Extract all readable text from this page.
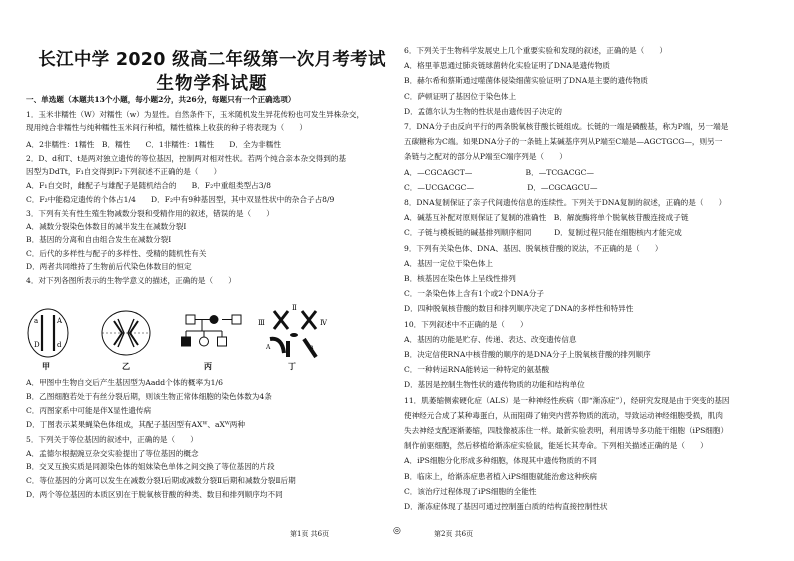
长江中学 2020 级高二年级第一次月考考试
生物学科试题
一、单选题（本题共13个小题，每小题2分，共26分，每题只有一个正确选项）
1．玉米非糯性（W）对糯性（w）为显性。自然条件下，玉米随机发生异花传粉也可发生异株杂交，
现用纯合非糯性与纯种糯性玉米间行种植，糯性植株上收获的种子将表现为（　　）
A．2非糯性：1糯性　B．糯性　　C．1非糯性：1糯性　　D．全为非糯性
2．D、d和T、t是两对独立遗传的等位基因，控制两对相对性状。若两个纯合亲本杂交得到的基
因型为DdTt，F₁自交得到F₂下列叙述不正确的是（　　）
A．F₁自交时，雌配子与雄配子是随机结合的　　B．F₂中重组类型占3/8
C．F₂中能稳定遗传的个体占1/4　　D．F₂中有9种基因型，其中双显性状中的杂合子占8/9
3．下列有关有性生殖生物减数分裂和受精作用的叙述，错误的是（　　）
A．减数分裂染色体数目的减半发生在减数分裂Ⅰ
B．基因的分离和自由组合发生在减数分裂Ⅰ
C．后代的多样性与配子的多样性、受精的随机性有关
D．两者共同维持了生物前后代染色体数目的恒定
4．对下列各图所表示的生物学意义的描述，正确的是（　　）
A．甲图中生物自交后产生基因型为Aadd个体的概率为1/6
B．乙图细胞若处于有丝分裂后期，则该生物正常体细胞的染色体数为4条
C．丙图家系中可能是伴X显性遗传病
D．丁图表示某果蝇染色体组成，其配子基因型有AXᵂ、aXᵂ两种
5．下列关于等位基因的叙述中，正确的是（　　）
A．孟德尔根据豌豆杂交实验提出了等位基因的概念
B．交叉互换实质是同源染色体的姐妹染色单体之间交换了等位基因的片段
C．等位基因的分离可以发生在减数分裂Ⅰ后期或减数分裂Ⅱ后期和减数分裂Ⅱ后期
D．两个等位基因的本质区别在于脱氧核苷酸的种类、数目和排列顺序均不同
a	A
D d
Ⅱ
Ⅲ	Ⅳ
A	a
甲	乙	丙	丁
第1页 共6页	◎
6．下列关于生物科学发展史上几个重要实验和发现的叙述，正确的是（　　）
A．格里菲思通过肺炎链球菌转化实验证明了DNA是遗传物质
B．赫尔希和蔡斯通过噬菌体侵染细菌实验证明了DNA是主要的遗传物质
C．萨顿证明了基因位于染色体上
D．孟德尔认为生物的性状是由遗传因子决定的
7．DNA分子由反向平行的两条脱氧核苷酸长链组成。长链的一端是磷酸基，称为P端，另一端是
五碳糖称为C端。如果DNA分子的一条链上某碱基序列从P端至C端是—AGCTGCG—，则另一
条链与之配对的部分从P端至C端序列是（　　）
A．—CGCAGCT—　　　　　　　B．—TCGACGC—
C．—UCGACGC—　　　　　　　D．—CGCAGCU—
8．DNA复制保证了亲子代间遗传信息的连续性。下列关于DNA复制的叙述，正确的是（　　）
A．碱基互补配对原则保证了复制的准确性　B．解旋酶将单个脱氧核苷酸连接成子链
C．子链与模板链的碱基排列顺序相同　　　D．复制过程只能在细胞核内才能完成
9．下列有关染色体、DNA、基因、脱氧核苷酸的说法，不正确的是（　　）
A．基因一定位于染色体上
B．核基因在染色体上呈线性排列
C．一条染色体上含有1个或2个DNA分子
D．四种脱氧核苷酸的数目和排列顺序决定了DNA的多样性和特异性
10．下列叙述中不正确的是（　　）
A．基因的功能是贮存、传递、表达、改变遗传信息
B．决定信使RNA中核苷酸的顺序的是DNA分子上脱氧核苷酸的排列顺序
C．一种转运RNA能转运一种特定的氨基酸
D．基因是控制生物性状的遗传物质的功能和结构单位
11．肌萎缩侧索硬化症（ALS）是一种神经性疾病（即“渐冻症”），经研究发现是由于突变的基因
使神经元合成了某种毒蛋白，从而阻碍了轴突内营养物质的流动，导致运动神经细胞受损，肌肉
失去神经支配逐渐萎缩，四肢像被冻住一样。最新实验表明，利用诱导多功能干细胞（iPS细胞）
制作前驱细胞，然后移植给渐冻症实验鼠，能延长其寿命。下列相关描述正确的是（　　）
A．iPS细胞分化形成多种细胞，体现其中遗传物质的不同
B．临床上，给渐冻症患者植入iPS细胞就能治愈这种疾病
C．该治疗过程体现了iPS细胞的全能性
D．渐冻症体现了基因可通过控制蛋白质的结构直接控制性状
第2页 共6页
